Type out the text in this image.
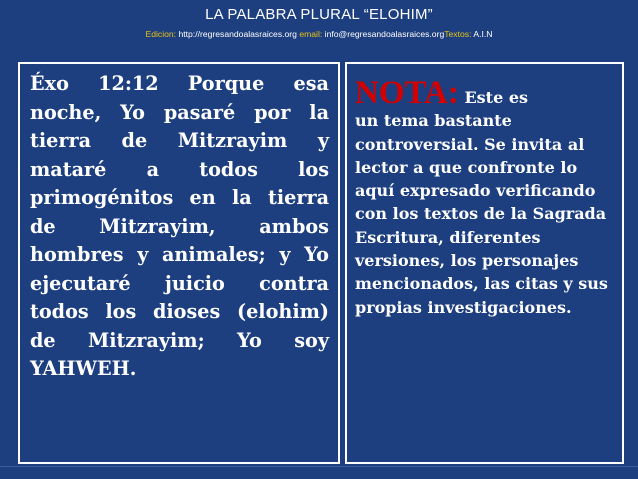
LA PALABRA PLURAL “ELOHIM”
Edicion: http://regresandoalasraices.org email: info@regresandoalasraices.orgTextos: A.I.N
Éxo 12:12 Porque esa noche, Yo pasaré por la tierra de Mitzrayim y mataré a todos los primogénitos en la tierra de Mitzrayim, ambos hombres y animales; y Yo ejecutaré juicio contra todos los dioses (elohim) de Mitzrayim; Yo soy YAHWEH.
NOTA: Este es
un tema bastante controversial. Se invita al lector a que confronte lo aquí expresado verificando con los textos de la Sagrada Escritura, diferentes versiones, los personajes mencionados, las citas y sus propias investigaciones.
